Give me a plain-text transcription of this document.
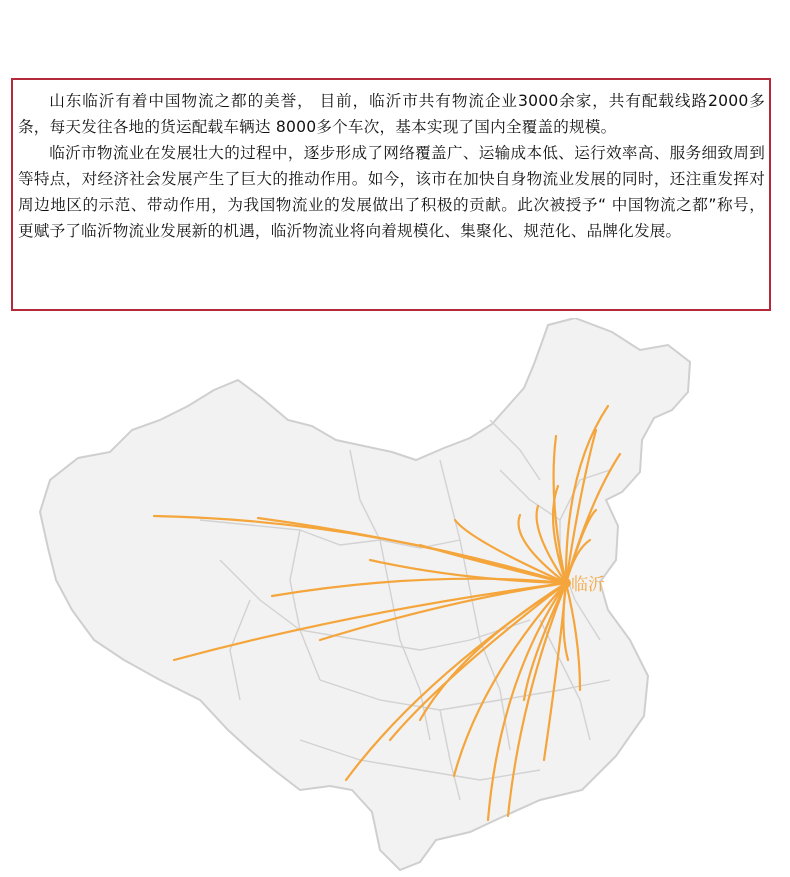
山东临沂有着中国物流之都的美誉， 目前，临沂市共有物流企业3000余家，共有配载线路2000多条，每天发往各地的货运配载车辆达 8000多个车次，基本实现了国内全覆盖的规模。

临沂市物流业在发展壮大的过程中，逐步形成了网络覆盖广、运输成本低、运行效率高、服务细致周到等特点，对经济社会发展产生了巨大的推动作用。如今，该市在加快自身物流业发展的同时，还注重发挥对周边地区的示范、带动作用，为我国物流业的发展做出了积极的贡献。此次被授予“ 中国物流之都”称号，更赋予了临沂物流业发展新的机遇，临沂物流业将向着规模化、集聚化、规范化、品牌化发展。

临沂
